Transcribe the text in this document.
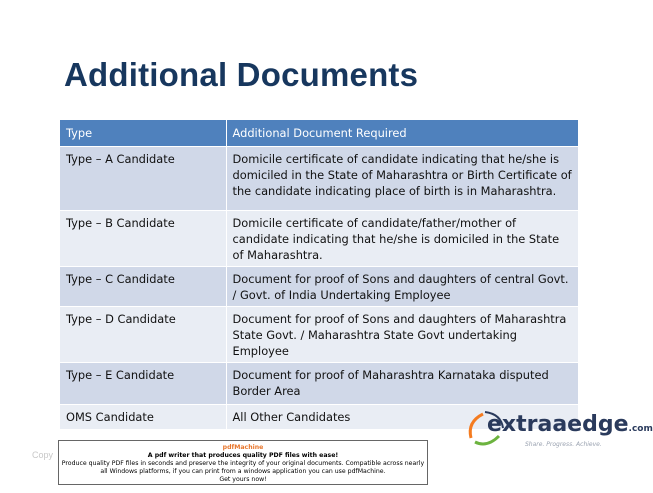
Additional Documents
Type	Additional Document Required
Type – A Candidate	Domicile certificate of candidate indicating that he/she is domiciled in the State of Maharashtra or Birth Certificate of the candidate indicating place of birth is in Maharashtra.
Type – B Candidate	Domicile certificate of candidate/father/mother of candidate indicating that he/she is domiciled in the State of Maharashtra.
Type – C Candidate	Document for proof of Sons and daughters of central Govt. / Govt. of India Undertaking Employee
Type – D Candidate	Document for proof of Sons and daughters of Maharashtra State Govt. / Maharashtra State Govt undertaking Employee
Type – E Candidate	Document for proof of Maharashtra Karnataka disputed Border Area
OMS Candidate	All Other Candidates	extraaedge.com
Share. Progress. Achieve.
Copy
pdfMachine
A pdf writer that produces quality PDF files with ease!
Produce quality PDF files in seconds and preserve the integrity of your original documents. Compatible across nearly all Windows platforms, if you can print from a windows application you can use pdfMachine.
Get yours now!
